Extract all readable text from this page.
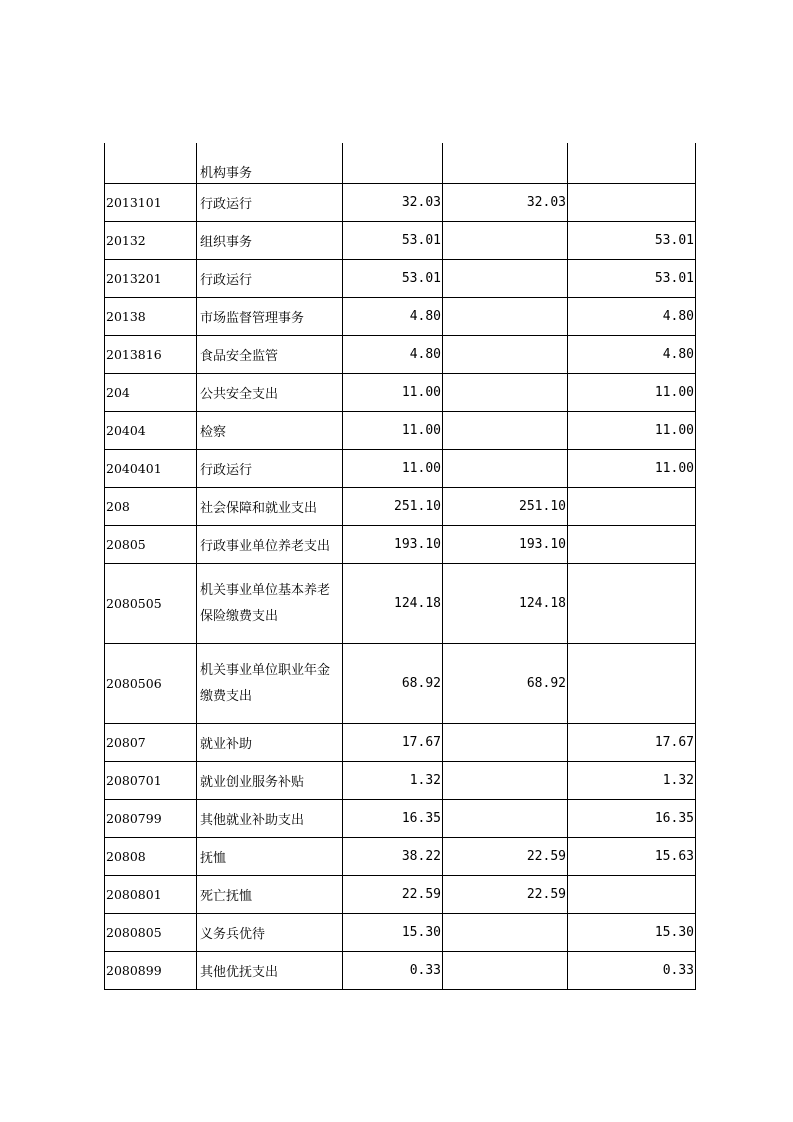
	机构事务			
2013101	行政运行	32.03	32.03	
20132	组织事务	53.01		53.01
2013201	行政运行	53.01		53.01
20138	市场监督管理事务	4.80		4.80
2013816	食品安全监管	4.80		4.80
204	公共安全支出	11.00		11.00
20404	检察	11.00		11.00
2040401	行政运行	11.00		11.00
208	社会保障和就业支出	251.10	251.10	
20805	行政事业单位养老支出	193.10	193.10	
2080505	机关事业单位基本养老保险缴费支出	124.18	124.18	
2080506	机关事业单位职业年金缴费支出	68.92	68.92	
20807	就业补助	17.67		17.67
2080701	就业创业服务补贴	1.32		1.32
2080799	其他就业补助支出	16.35		16.35
20808	抚恤	38.22	22.59	15.63
2080801	死亡抚恤	22.59	22.59	
2080805	义务兵优待	15.30		15.30
2080899	其他优抚支出	0.33		0.33
